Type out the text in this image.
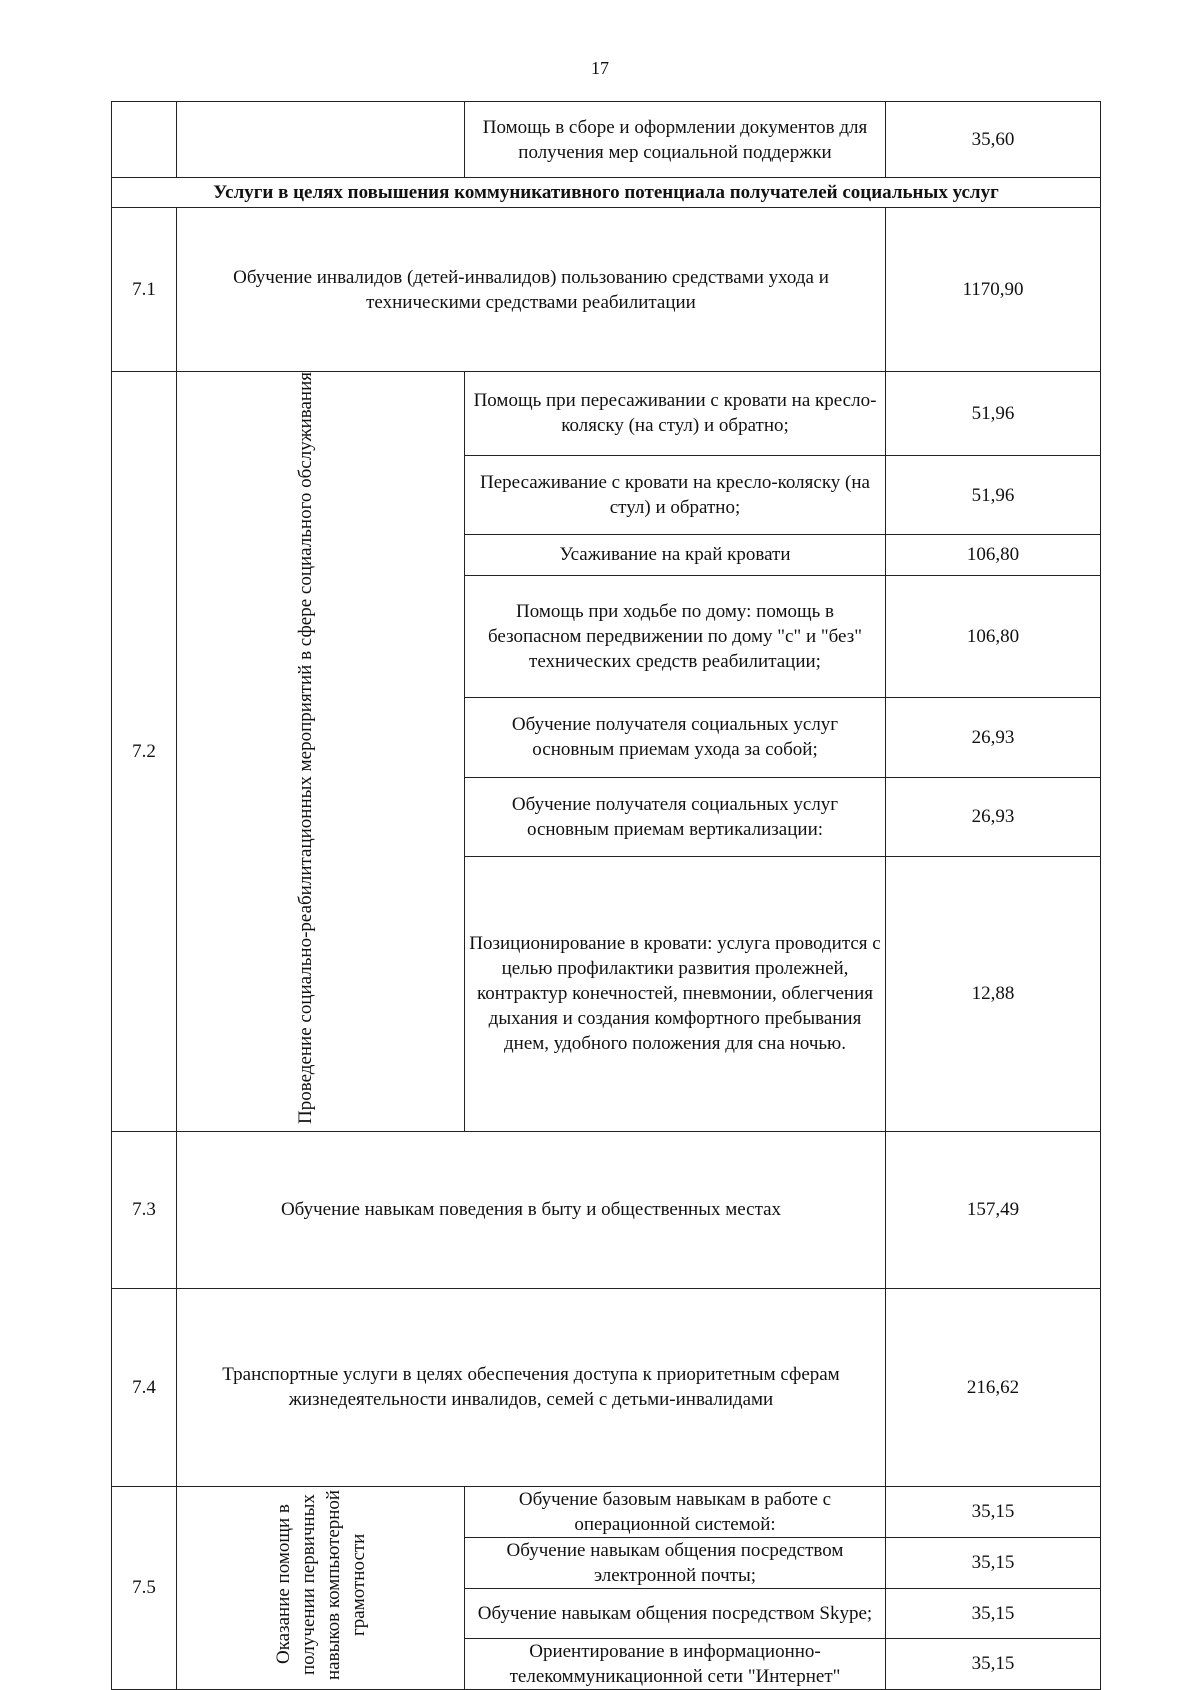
17
		Помощь в сборе и оформлении документов для получения мер социальной поддержки	35,60
Услуги в целях повышения коммуникативного потенциала получателей социальных услуг			
7.1	Обучение инвалидов (детей-инвалидов) пользованию средствами ухода и техническими средствами реабилитации		1170,90
7.2	Проведение социально-реабилитационных мероприятий в сфере социального обслуживания	Помощь при пересаживании с кровати на кресло-коляску (на стул) и обратно;	51,96
		Пересаживание с кровати на кресло-коляску (на стул) и обратно;	51,96
		Усаживание на край кровати	106,80
		Помощь при ходьбе по дому: помощь в безопасном передвижении по дому "с" и "без" технических средств реабилитации;	106,80
		Обучение получателя социальных услуг основным приемам ухода за собой;	26,93
		Обучение получателя социальных услуг основным приемам вертикализации:	26,93
		Позиционирование в кровати: услуга проводится с целью профилактики развития пролежней, контрактур конечностей, пневмонии, облегчения дыхания и создания комфортного пребывания днем, удобного положения для сна ночью.	12,88
7.3	Обучение навыкам поведения в быту и общественных местах		157,49
7.4	Транспортные услуги в целях обеспечения доступа к приоритетным сферам жизнедеятельности инвалидов, семей с детьми-инвалидами		216,62
7.5	Оказание помощи в получении первичных навыков компьютерной грамотности	Обучение базовым навыкам в работе с операционной системой:	35,15
		Обучение навыкам общения посредством электронной почты;	35,15
		Обучение навыкам общения посредством Skype;	35,15
		Ориентирование в информационно-телекоммуникационной сети "Интернет"	35,15
